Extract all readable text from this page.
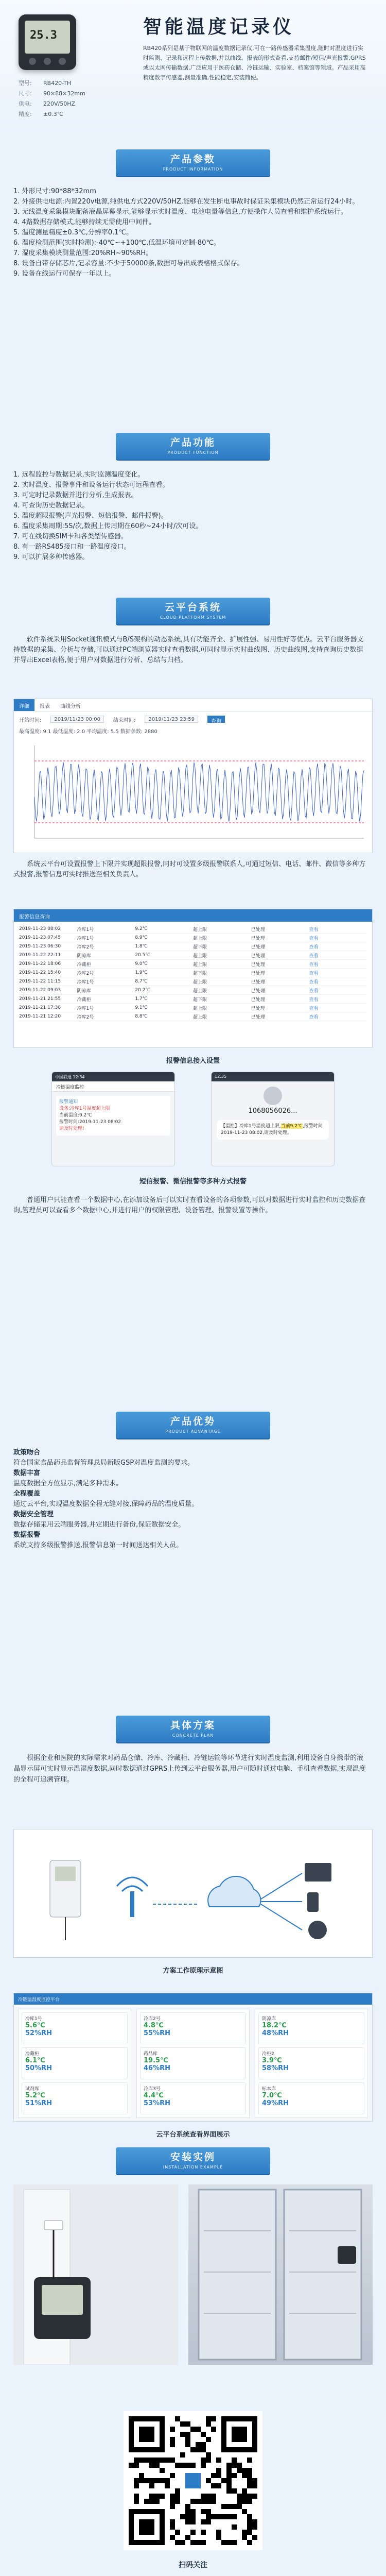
25.3	智能温度记录仪
RB420系列是基于物联网的温度数据记录仪,可在一路传感器采集温度,随时对温度进行实时监测、记录和远程上传数据,并以曲线、报表的形式查看,支持邮件/短信/声光报警,GPRS或以太网传输数据,广泛应用于医药仓储、冷链运输、实验室、档案馆等领域。产品采用高精度数字传感器,测量准确,性能稳定,安装简便。
型号:	RB420-TH
尺寸:	90×88×32mm
供电:	220V/50HZ
精度:	±0.3℃
产品参数
PRODUCT INFORMATION

1. 外形尺寸:90*88*32mm

2. 外接供电电源:内置220v电源,纯供电方式220V/50HZ,能够在发生断电事故时保证采集模块仍然正常运行24小时。

3. 无线温度采集模块配备液晶屏幕显示,能够显示实时温度、电池电量等信息,方便操作人员查看和维护系统运行。

4. 4路数据存储模式,能够持续无需使用中间件。

5. 温度测量精度±0.3℃,分辨率0.1℃。

6. 温度检测范围(实时检测):-40℃~+100℃,低温环境可定制-80℃。

7. 湿度采集模块测量范围:20%RH~90%RH。

8. 设备自带存储芯片,记录容量:不少于50000条,数据可导出成表格格式保存。

9. 设备在线运行可保存一年以上。

产品功能
PRODUCT FUNCTION

1. 远程监控与数据记录,实时监测温度变化。

2. 实时温度、报警事件和设备运行状态可远程查看。

3. 可定时记录数据并进行分析,生成报表。

4. 可查询历史数据记录。

5. 温度超限报警(声光报警、短信报警、邮件报警)。

6. 温度采集周期:5S/次,数据上传周期在60秒~24小时/次可设。

7. 可在线切换SIM卡和各类型传感器。

8. 有一路RS485接口和一路温度接口。

9. 可以扩展多种传感器。

云平台系统
CLOUD PLATFORM SYSTEM

软件系统采用Socket通讯模式与B/S架构的动态系统,具有功能齐全、扩展性强、易用性好等优点。云平台服务器支持数据的采集、分析与存储,可以通过PC端浏览器实时查看数据,可同时显示实时曲线图、历史曲线图,支持查询历史数据并导出Excel表格,便于用户对数据进行分析、总结与归档。

详细	报表	曲线分析
开始时间:	2019/11/23 00:00	结束时间:	2019/11/23 23:59	查询
最高温度: 9.1 最低温度: 2.0 平均温度: 5.5 数据条数: 2880

系统云平台可设置报警上下限并实现超限报警,同时可设置多级报警联系人,可通过短信、电话、邮件、微信等多种方式报警,报警信息可实时推送至相关负责人。

报警信息查询
2019-11-23 08:02	冷库1号	9.2℃	超上限	已处理	查看
2019-11-23 07:45	冷库1号	8.9℃	超上限	已处理	查看
2019-11-23 06:30	冷库2号	1.8℃	超下限	已处理	查看
2019-11-22 22:11	阴凉库	20.5℃	超上限	已处理	查看
2019-11-22 18:06	冷藏柜	9.0℃	超上限	已处理	查看
2019-11-22 15:40	冷库2号	1.9℃	超下限	已处理	查看
2019-11-22 11:15	冷库1号	8.7℃	超上限	已处理	查看
2019-11-22 09:03	阴凉库	20.2℃	超上限	已处理	查看
2019-11-21 21:55	冷藏柜	1.7℃	超下限	已处理	查看
2019-11-21 17:38	冷库1号	9.1℃	超上限	已处理	查看
2019-11-21 12:20	冷库2号	8.8℃	超上限	已处理	查看
报警信息接入设置
中国联通 12:34
冷链温度监控
报警通知
设备:冷库1号温度超上限
当前温度:9.2℃
报警时间:2019-11-23 08:02
请及时处理!
12:35
1068056026...
【温控】冷库1号温度超上限,当前9.2℃,报警时间2019-11-23 08:02,请及时处理。
短信报警、微信报警等多种方式报警

普通用户只能查看一个数据中心,在添加设备后可以实时查看设备的各项参数,可以对数据进行实时监控和历史数据查询,管理员可以查看多个数据中心,并进行用户的权限管理、设备管理、报警设置等操作。

产品优势
PRODUCT ADVANTAGE
政策吻合

符合国家食品药品监督管理总局新版GSP对温度监测的要求。

数据丰富

温度数据全方位显示,满足多种需求。

全程覆盖

通过云平台,实现温度数据全程无缝对接,保障药品的温度质量。

数据安全管理

数据存储采用云端服务器,并定期进行备份,保证数据安全。

数据报警

系统支持多级报警推送,报警信息第一时间送达相关人员。

具体方案
CONCRETE PLAN
根据企业和医院的实际需求对药品仓储、冷库、冷藏柜、冷链运输等环节进行实时温度监测,利用设备自身携带的液晶显示屏可实时显示温湿度数据,同时数据通过GPRS上传到云平台服务器,用户可随时通过电脑、手机查看数据,实现温度的全程可追溯管理。
方案工作原理示意图
冷链温湿度监控平台
冷库1号
5.6℃
52%RH
冷藏柜
6.1℃
50%RH
试剂库
5.2℃
51%RH
冷库2号
4.8℃
55%RH
药品库
19.5℃
46%RH
冷库3号
4.4℃
53%RH
阴凉库
18.2℃
48%RH
冷柜2
3.9℃
58%RH
标本库
7.0℃
49%RH
云平台系统查看界面展示
安装实例
INSTALLATION EXAMPLE
扫码关注
